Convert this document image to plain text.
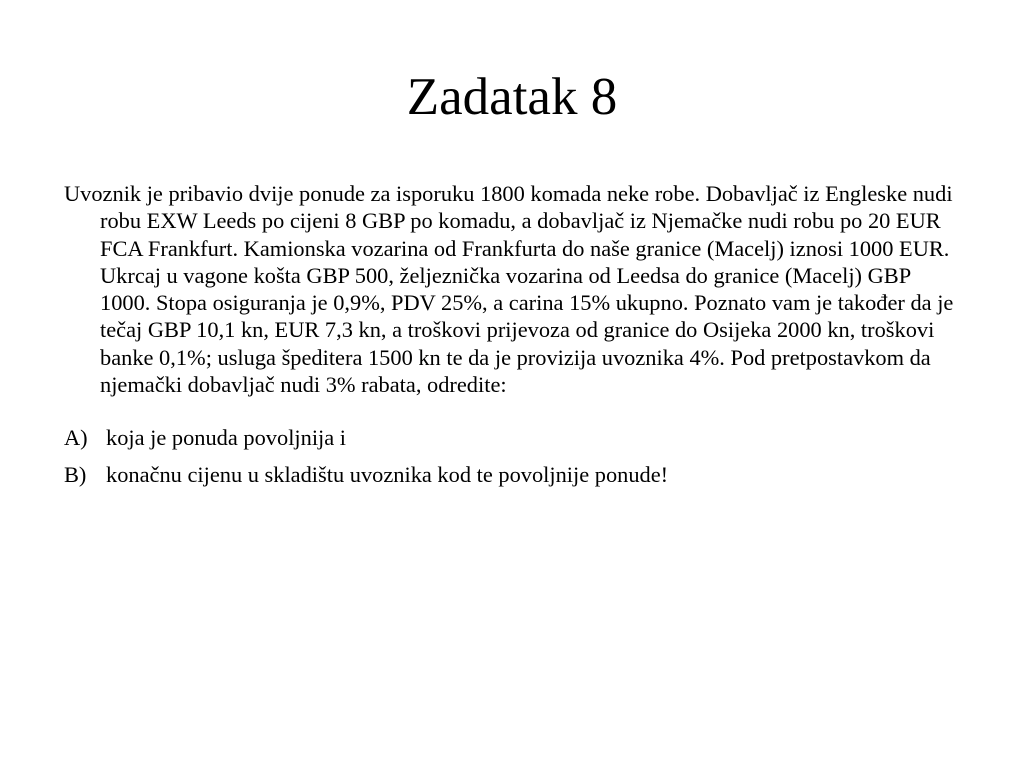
Zadatak 8

Uvoznik je pribavio dvije ponude za isporuku 1800 komada neke robe. Dobavljač iz Engleske nudi robu EXW Leeds po cijeni 8 GBP po komadu, a dobavljač iz Njemačke nudi robu po 20 EUR FCA Frankfurt. Kamionska vozarina od Frankfurta do naše granice (Macelj) iznosi 1000 EUR. Ukrcaj u vagone košta GBP 500, željeznička vozarina od Leedsa do granice (Macelj) GBP 1000. Stopa osiguranja je 0,9%, PDV 25%, a carina 15% ukupno. Poznato vam je također da je tečaj GBP 10,1 kn, EUR 7,3 kn, a troškovi prijevoza od granice do Osijeka 2000 kn, troškovi banke 0,1%; usluga špeditera 1500 kn te da je provizija uvoznika 4%. Pod pretpostavkom da njemački dobavljač nudi 3% rabata, odredite:

A) koja je ponuda povoljnija i
B) konačnu cijenu u skladištu uvoznika kod te povoljnije ponude!
